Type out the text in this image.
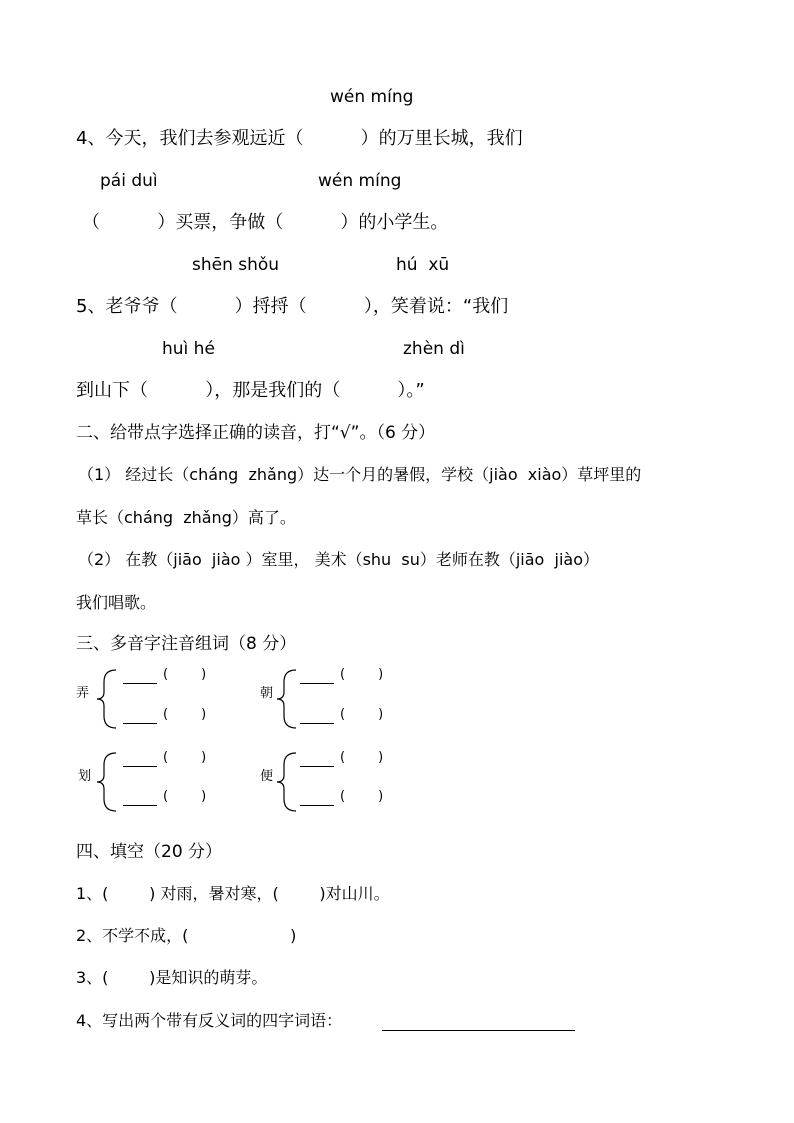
wén míng
4、今天，我们去参观远近（          ）的万里长城，我们
pái duì	wén míng
（          ）买票，争做（          ）的小学生。
shēn shǒu	hú  xū
5、老爷爷（          ）捋捋（          ），笑着说：“我们
huì hé	zhèn dì
到山下（          ），那是我们的（          ）。”
二、给带点字选择正确的读音，打“√”。（6 分）
（1） 经过长（cháng  zhǎng）达一个月的暑假，学校（jiào  xiào）草坪里的
草长（cháng  zhǎng）高了。
（2） 在教（jiāo  jiào ）室里， 美术（shu  su）老师在教（jiāo  jiào）
我们唱歌。
三、多音字注音组词（8 分）
弄
(        )
(        )
朝
(        )
(        )
划
(        )
(        )
便
(        )
(        )
四、填空（20 分）
1、(        ) 对雨，暑对寒，(        )对山川。
2、不学不成，(                    )
3、(        )是知识的萌芽。
4、写出两个带有反义词的四字词语：
